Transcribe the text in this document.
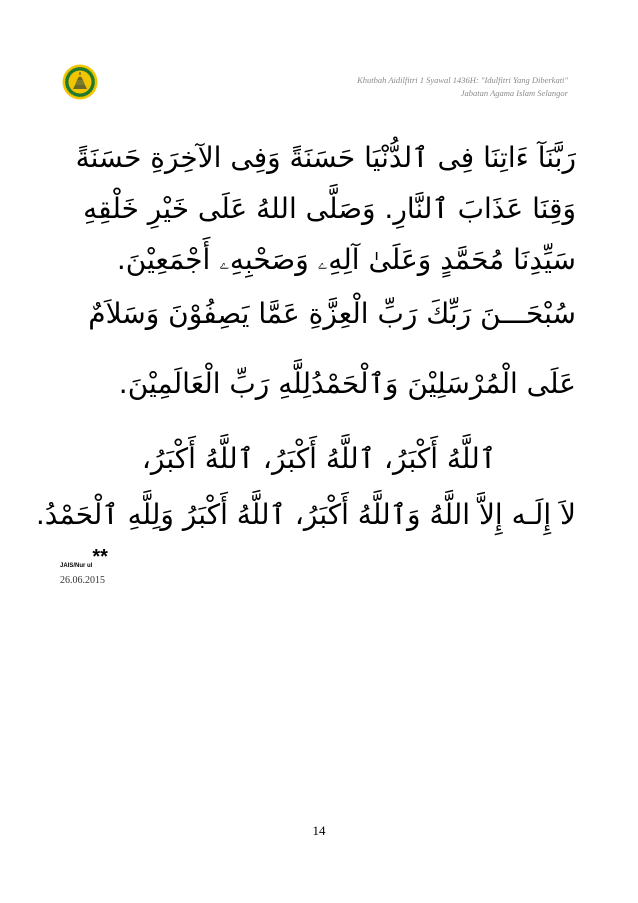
Khutbah Aidilfitri 1 Syawal 1436H: "Idulfitri Yang Diberkati"
Jabatan Agama Islam Selangor
رَبَّنَآ ءَاتِنَا فِى ٱلدُّنْيَا حَسَنَةً وَفِى الآخِرَةِ حَسَنَةً
وَقِنَا عَذَابَ ٱلنَّارِ. وَصَلَّى اللهُ عَلَى خَيْرِ خَلْقِهِ
سَيِّدِنَا مُحَمَّدٍ وَعَلَىٰ آلِهِۦ وَصَحْبِهِۦ أَجْمَعِيْنَ.
سُبْحَـــنَ رَبِّكَ رَبِّ الْعِزَّةِ عَمَّا يَصِفُوْنَ وَسَلاَمٌ
عَلَى الْمُرْسَلِيْنَ وَٱلْحَمْدُلِلَّهِ رَبِّ الْعَالَمِيْنَ.
ٱللَّهُ أَكْبَرُ، ٱللَّهُ أَكْبَرُ، ٱللَّهُ أَكْبَرُ،
لاَ إِلَـه إِلاَّ اللَّهُ وَٱللَّهُ أَكْبَرُ، ٱللَّهُ أَكْبَرُ وَلِلَّهِ ٱلْحَمْدُ.
JAIS/Nur ul**
26.06.2015
14
